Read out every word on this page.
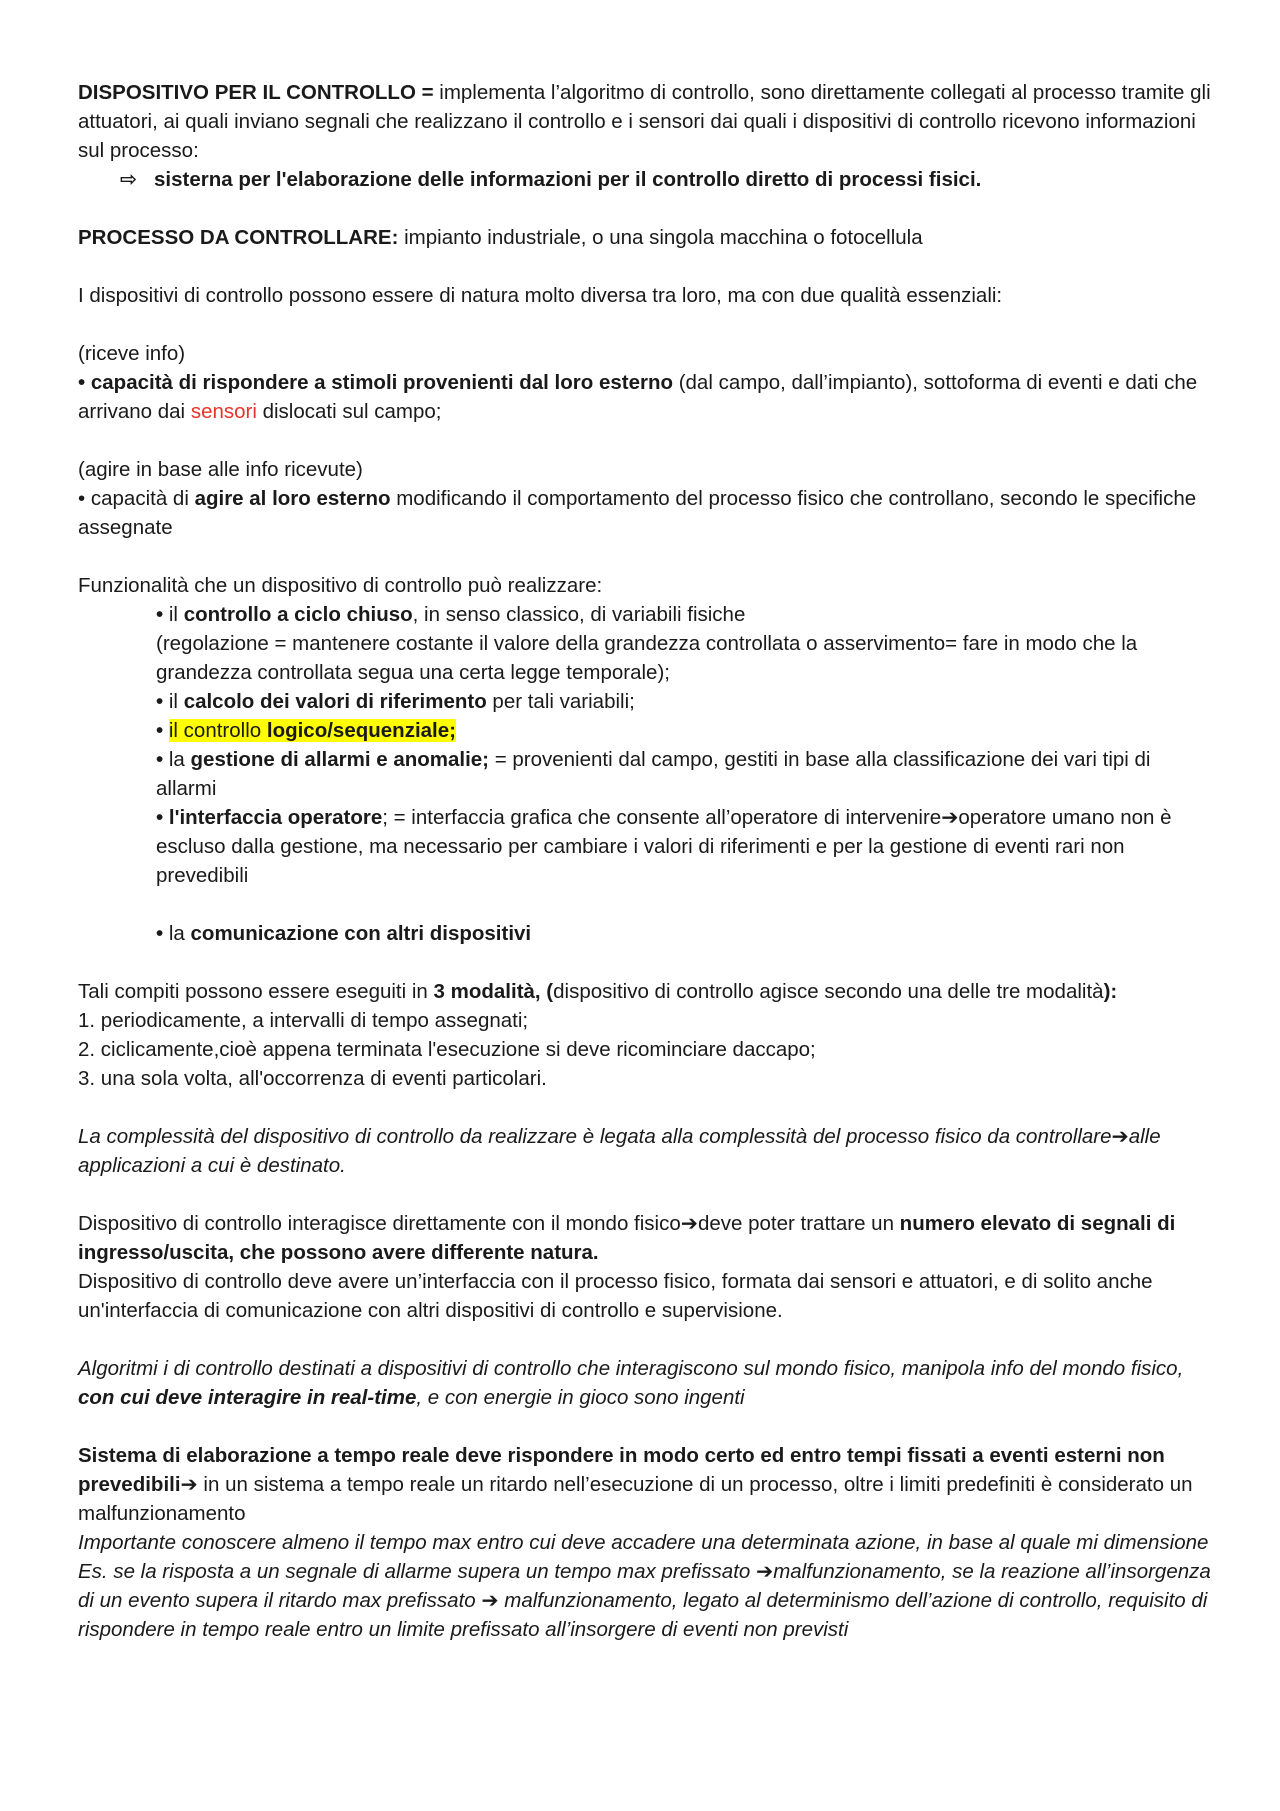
DISPOSITIVO PER IL CONTROLLO = implementa l’algoritmo di controllo, sono direttamente collegati al processo tramite gli attuatori, ai quali inviano segnali che realizzano il controllo e i sensori dai quali i dispositivi di controllo ricevono informazioni sul processo:

⇨ sisterna per l'elaborazione delle informazioni per il controllo diretto di processi fisici.

PROCESSO DA CONTROLLARE: impianto industriale, o una singola macchina o fotocellula

I dispositivi di controllo possono essere di natura molto diversa tra loro, ma con due qualità essenziali:

(riceve info)

• capacità di rispondere a stimoli provenienti dal loro esterno (dal campo, dall’impianto), sottoforma di eventi e dati che arrivano dai sensori dislocati sul campo;

(agire in base alle info ricevute)

• capacità di agire al loro esterno modificando il comportamento del processo fisico che controllano, secondo le specifiche assegnate

Funzionalità che un dispositivo di controllo può realizzare:

• il controllo a ciclo chiuso, in senso classico, di variabili fisiche

(regolazione = mantenere costante il valore della grandezza controllata o asservimento= fare in modo che la grandezza controllata segua una certa legge temporale);

• il calcolo dei valori di riferimento per tali variabili;

• il controllo logico/sequenziale;

• la gestione di allarmi e anomalie; = provenienti dal campo, gestiti in base alla classificazione dei vari tipi di allarmi

• l'interfaccia operatore; = interfaccia grafica che consente all’operatore di intervenire➔operatore umano non è escluso dalla gestione, ma necessario per cambiare i valori di riferimenti e per la gestione di eventi rari non prevedibili

• la comunicazione con altri dispositivi

Tali compiti possono essere eseguiti in 3 modalità, (dispositivo di controllo agisce secondo una delle tre modalità):

1. periodicamente, a intervalli di tempo assegnati;

2. ciclicamente,cioè appena terminata l'esecuzione si deve ricominciare daccapo;

3. una sola volta, all'occorrenza di eventi particolari.

La complessità del dispositivo di controllo da realizzare è legata alla complessità del processo fisico da controllare➔alle applicazioni a cui è destinato.

Dispositivo di controllo interagisce direttamente con il mondo fisico➔deve poter trattare un numero elevato di segnali di ingresso/uscita, che possono avere differente natura.

Dispositivo di controllo deve avere un’interfaccia con il processo fisico, formata dai sensori e attuatori, e di solito anche un'interfaccia di comunicazione con altri dispositivi di controllo e supervisione.

Algoritmi i di controllo destinati a dispositivi di controllo che interagiscono sul mondo fisico, manipola info del mondo fisico, con cui deve interagire in real-time, e con energie in gioco sono ingenti

Sistema di elaborazione a tempo reale deve rispondere in modo certo ed entro tempi fissati a eventi esterni non prevedibili➔ in un sistema a tempo reale un ritardo nell’esecuzione di un processo, oltre i limiti predefiniti è considerato un malfunzionamento

Importante conoscere almeno il tempo max entro cui deve accadere una determinata azione, in base al quale mi dimensione

Es. se la risposta a un segnale di allarme supera un tempo max prefissato ➔malfunzionamento, se la reazione all’insorgenza di un evento supera il ritardo max prefissato ➔ malfunzionamento, legato al determinismo dell’azione di controllo, requisito di rispondere in tempo reale entro un limite prefissato all’insorgere di eventi non previsti
